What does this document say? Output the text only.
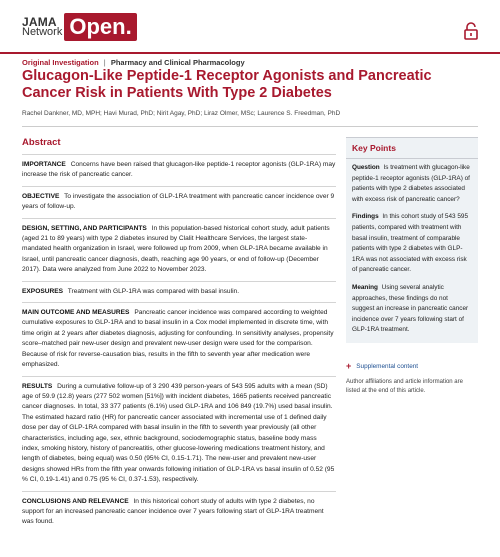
JAMA
Network Open.
Original Investigation | Pharmacy and Clinical Pharmacology
Glucagon-Like Peptide-1 Receptor Agonists and Pancreatic Cancer Risk in Patients With Type 2 Diabetes
Rachel Dankner, MD, MPH; Havi Murad, PhD; Nirit Agay, PhD; Liraz Olmer, MSc; Laurence S. Freedman, PhD
Abstract

IMPORTANCE Concerns have been raised that glucagon-like peptide-1 receptor agonists (GLP-1RA) may increase the risk of pancreatic cancer.

OBJECTIVE To investigate the association of GLP-1RA treatment with pancreatic cancer incidence over 9 years of follow-up.

DESIGN, SETTING, AND PARTICIPANTS In this population-based historical cohort study, adult patients (aged 21 to 89 years) with type 2 diabetes insured by Clalit Healthcare Services, the largest state-mandated health organization in Israel, were followed up from 2009, when GLP-1RA became available in Israel, until pancreatic cancer diagnosis, death, reaching age 90 years, or end of follow-up (December 2017). Data were analyzed from June 2022 to November 2023.

EXPOSURES Treatment with GLP-1RA was compared with basal insulin.

MAIN OUTCOME AND MEASURES Pancreatic cancer incidence was compared according to weighted cumulative exposures to GLP-1RA and to basal insulin in a Cox model implemented in discrete time, with time origin at 2 years after diabetes diagnosis, adjusting for confounding. In sensitivity analyses, propensity score–matched pair new-user design and prevalent new-user design were used for the comparison. Because of risk for reverse-causation bias, results in the fifth to seventh year after medication were emphasized.

RESULTS During a cumulative follow-up of 3 290 439 person-years of 543 595 adults with a mean (SD) age of 59.9 (12.8) years (277 502 women [51%]) with incident diabetes, 1665 patients received pancreatic cancer diagnoses. In total, 33 377 patients (6.1%) used GLP-1RA and 106 849 (19.7%) used basal insulin. The estimated hazard ratio (HR) for pancreatic cancer associated with incremental use of 1 defined daily dose per day of GLP-1RA compared with basal insulin in the fifth to seventh year previously (all other characteristics, including age, sex, ethnic background, sociodemographic status, baseline body mass index, smoking history, history of pancreatitis, other glucose-lowering medications treatment history, and length of diabetes, being equal) was 0.50 (95% CI, 0.15-1.71). The new-user and prevalent new-user designs showed HRs from the fifth year onwards following initiation of GLP-1RA vs basal insulin of 0.52 (95 % CI, 0.19-1.41) and 0.75 (95 % CI, 0.37-1.53), respectively.

CONCLUSIONS AND RELEVANCE In this historical cohort study of adults with type 2 diabetes, no support for an increased pancreatic cancer incidence over 7 years following start of GLP-1RA treatment was found.

Key Points
Question Is treatment with glucagon-like peptide-1 receptor agonists (GLP-1RA) of patients with type 2 diabetes associated with excess risk of pancreatic cancer?
Findings In this cohort study of 543 595 patients, compared with treatment with basal insulin, treatment of comparable patients with type 2 diabetes with GLP-1RA was not associated with excess risk of pancreatic cancer.
Meaning Using several analytic approaches, these findings do not suggest an increase in pancreatic cancer incidence over 7 years following start of GLP-1RA treatment.
+ Supplemental content
Author affiliations and article information are listed at the end of this article.
